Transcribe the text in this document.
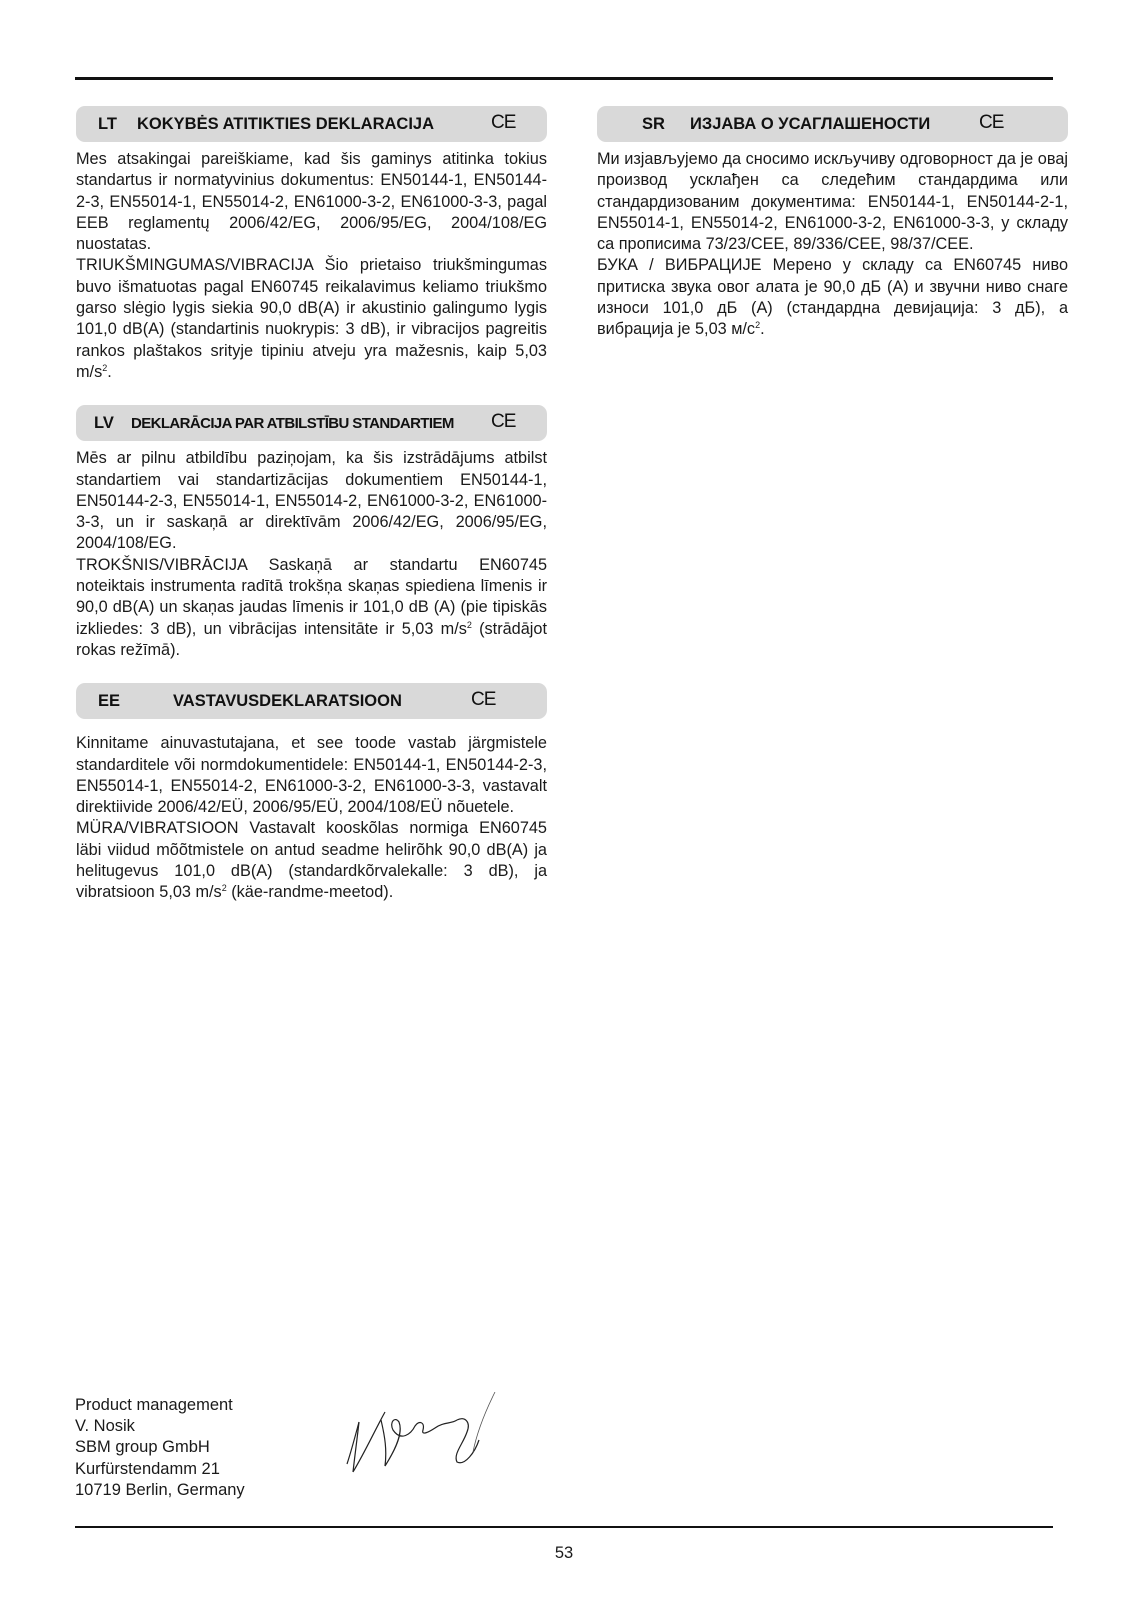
LT KOKYBĖS ATITIKTIES DEKLARACIJA	CE

Mes atsakingai pareiškiame, kad šis gaminys atitinka tokius standartus ir normatyvinius dokumentus: EN50144-1, EN50144-2-3, EN55014-1, EN55014-2, EN61000-3-2, EN61000-3-3, pagal EEB reglamentų 2006/42/EG, 2006/95/EG, 2004/108/EG nuostatas.

TRIUKŠMINGUMAS/VIBRACIJA Šio prietaiso triukšmingumas buvo išmatuotas pagal EN60745 reikalavimus keliamo triukšmo garso slėgio lygis siekia 90,0 dB(A) ir akustinio galingumo lygis 101,0 dB(A) (standartinis nuokrypis: 3 dB), ir vibracijos pagreitis rankos plaštakos srityje tipiniu atveju yra mažesnis, kaip 5,03 $m/s^2$.

LV DEKLARĀCIJA PAR ATBILSTĪBU STANDARTIEM CE

Mēs ar pilnu atbildību paziņojam, ka šis izstrādājums atbilst standartiem vai standartizācijas dokumentiem EN50144-1, EN50144-2-3, EN55014-1, EN55014-2, EN61000-3-2, EN61000-3-3, un ir saskaņā ar direktīvām 2006/42/EG, 2006/95/EG, 2004/108/EG.

TROKŠNIS/VIBRĀCIJA Saskaņā ar standartu EN60745 noteiktais instrumenta radītā trokšņa skaņas spiediena līmenis ir 90,0 dB(A) un skaņas jaudas līmenis ir 101,0 dB (A) (pie tipiskās izkliedes: 3 dB), un vibrācijas intensitāte ir 5,03 $m/s^2$ (strādājot rokas režīmā).

EE	VASTAVUSDEKLARATSIOON	CE

Kinnitame ainuvastutajana, et see toode vastab järgmistele standarditele või normdokumentidele: EN50144-1, EN50144-2-3, EN55014-1, EN55014-2, EN61000-3-2, EN61000-3-3, vastavalt direktiivide 2006/42/EÜ, 2006/95/EÜ, 2004/108/EÜ nõuetele.

MÜRA/VIBRATSIOON Vastavalt kooskõlas normiga EN60745 läbi viidud mõõtmistele on antud seadme helirõhk 90,0 dB(A) ja helitugevus 101,0 dB(A) (standardkõrvalekalle: 3 dB), ja vibratsioon 5,03 $m/s^2$ (käe-randme-meetod).

SR ИЗЈАВА О УСАГЛАШЕНОСТИ	CE

Ми изјављујемо да сносимо искључиву одговорност да је овај производ усклађен са следећим стандардима или стандардизованим документима: EN50144-1, EN50144-2-1, EN55014-1, EN55014-2, EN61000-3-2, EN61000-3-3, у складу са прописима 73/23/CEE, 89/336/CEE, 98/37/CEE.

БУКА / ВИБРАЦИЈЕ Мерено у складу са EN60745 ниво притиска звука овог алата је 90,0 дБ (А) и звучни ниво снаге износи 101,0 дБ (А) (стандардна девијација: 3 дБ), а вибрација је 5,03 $м/с^2$.

Product management
V. Nosik
SBM group GmbH
Kurfürstendamm 21
10719 Berlin, Germany
53
